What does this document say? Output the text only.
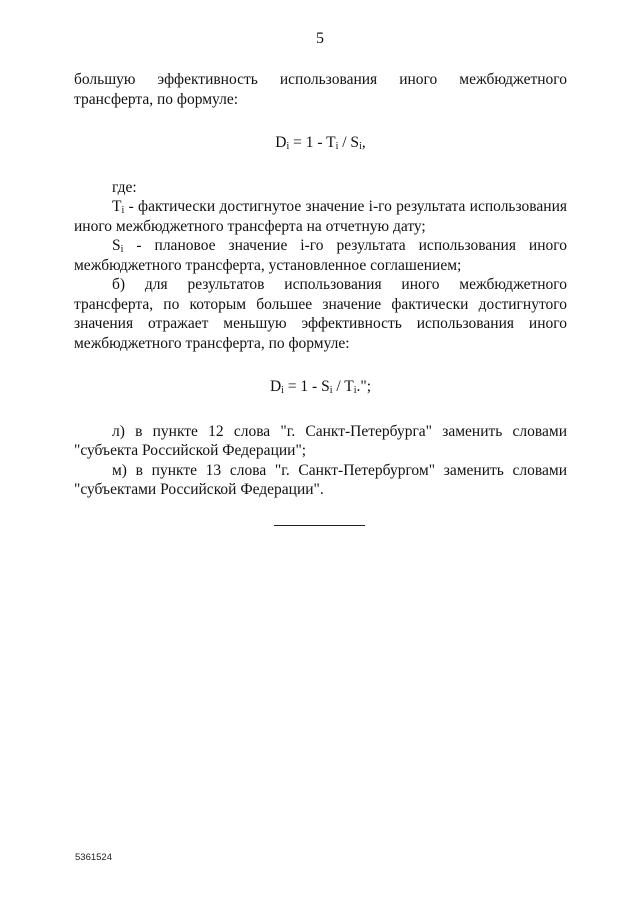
5

большую эффективность использования иного межбюджетного трансферта, по формуле:

$D_i = 1 - T_i / S_i$,

где:

$T_i$ - фактически достигнутое значение i-го результата использования иного межбюджетного трансферта на отчетную дату;

$S_i$ - плановое значение i-го результата использования иного межбюджетного трансферта, установленное соглашением;

б) для результатов использования иного межбюджетного трансферта, по которым большее значение фактически достигнутого значения отражает меньшую эффективность использования иного межбюджетного трансферта, по формуле:

$D_i = 1 - S_i / T_i$.";

л) в пункте 12 слова "г. Санкт-Петербурга" заменить словами "субъекта Российской Федерации";

м) в пункте 13 слова "г. Санкт-Петербургом" заменить словами "субъектами Российской Федерации".

5361524
